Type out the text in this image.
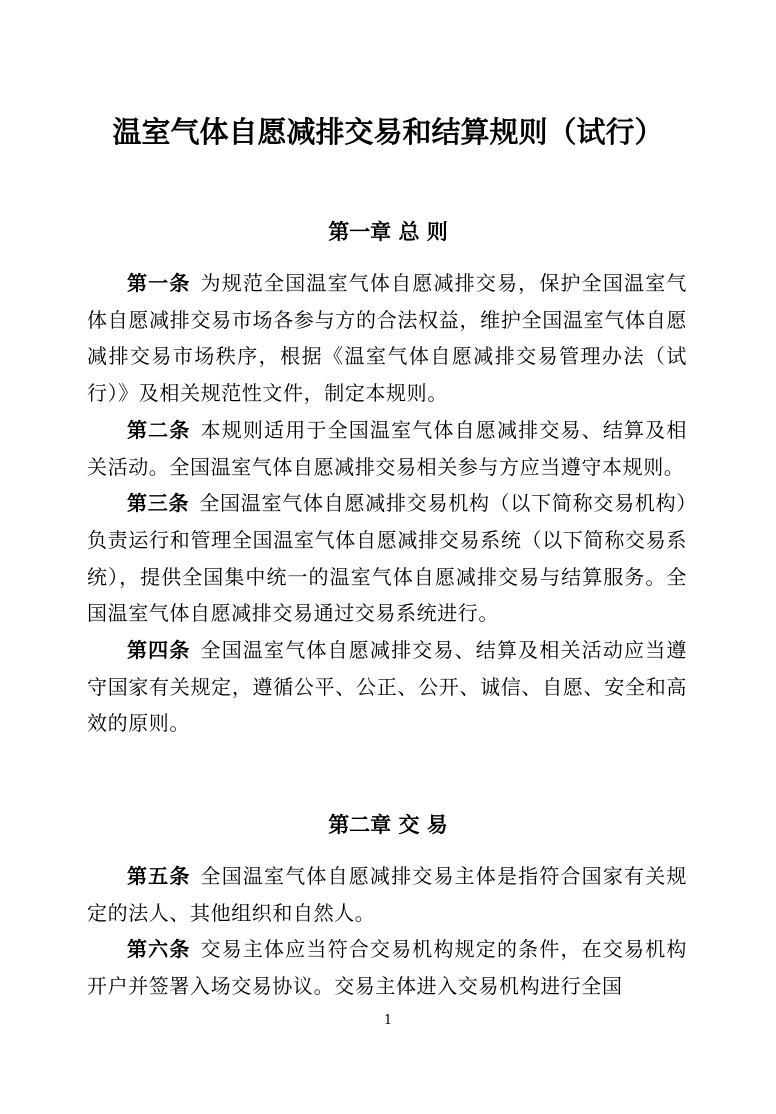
温室气体自愿减排交易和结算规则（试行）
第一章 总 则

第一条 为规范全国温室气体自愿减排交易，保护全国温室气体自愿减排交易市场各参与方的合法权益，维护全国温室气体自愿减排交易市场秩序，根据《温室气体自愿减排交易管理办法（试行）》及相关规范性文件，制定本规则。

第二条 本规则适用于全国温室气体自愿减排交易、结算及相关活动。全国温室气体自愿减排交易相关参与方应当遵守本规则。

第三条 全国温室气体自愿减排交易机构（以下简称交易机构）负责运行和管理全国温室气体自愿减排交易系统（以下简称交易系统），提供全国集中统一的温室气体自愿减排交易与结算服务。全国温室气体自愿减排交易通过交易系统进行。

第四条 全国温室气体自愿减排交易、结算及相关活动应当遵守国家有关规定，遵循公平、公正、公开、诚信、自愿、安全和高效的原则。

第二章 交 易

第五条 全国温室气体自愿减排交易主体是指符合国家有关规定的法人、其他组织和自然人。

第六条 交易主体应当符合交易机构规定的条件，在交易机构开户并签署入场交易协议。交易主体进入交易机构进行全国

1
